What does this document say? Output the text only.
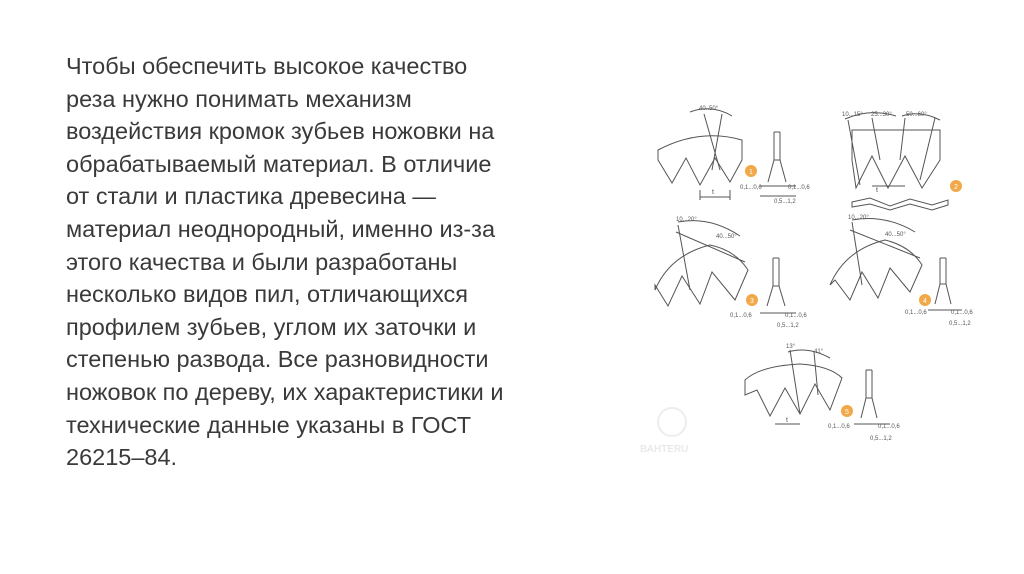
Чтобы обеспечить высокое качество
реза нужно понимать механизм
воздействия кромок зубьев ножовки на
обрабатываемый материал. В отличие
от стали и пластика древесина —
материал неоднородный, именно из-за
этого качества и были разработаны
несколько видов пил, отличающихся
профилем зубьев, углом их заточки и
степенью развода. Все разновидности
ножовок по дереву, их характеристики и
технические данные указаны в ГОСТ
26215–84.	ВАНТЕRU
t
40..50°
1
0,1...0,6	0,1...0,6
0,5...1,2
10...15° 25...30° 50...60°
t	2
10...20°
40...50°
3
0,1...0,6	0,1...0,6
0,5...1,2
10...20°
40...50°
4
0,1...0,6	0,1...0,6
0,5...1,2
13°
41°
t
5
0,1...0,6	0,1...0,6
0,5...1,2
